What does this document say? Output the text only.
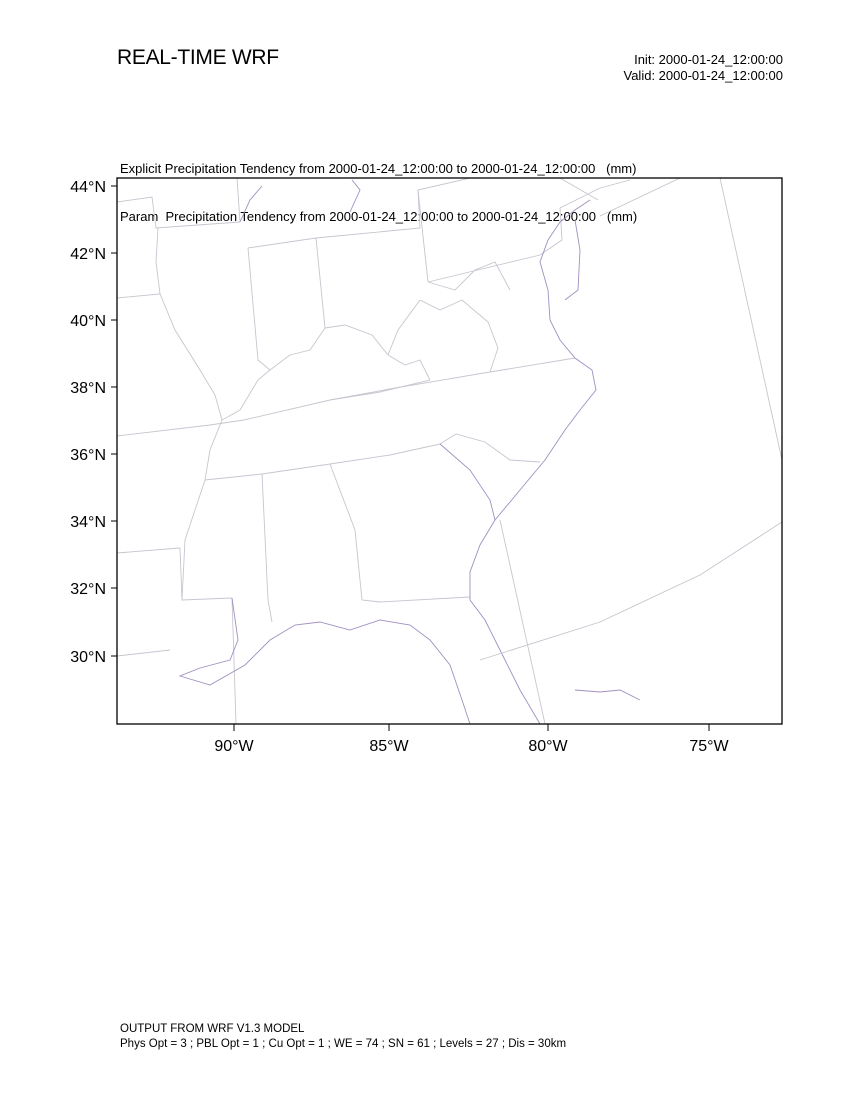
REAL-TIME WRF	Init: 2000-01-24_12:00:00
Valid: 2000-01-24_12:00:00

Explicit Precipitation Tendency from 2000-01-24_12:00:00 to 2000-01-24_12:00:00   (mm)

Param  Precipitation Tendency from 2000-01-24_12:00:00 to 2000-01-24_12:00:00   (mm)

44°N
42°N
40°N
38°N
36°N
34°N
32°N
30°N
90°W	85°W	80°W	75°W
OUTPUT FROM WRF V1.3 MODEL
Phys Opt = 3 ; PBL Opt = 1 ; Cu Opt = 1 ; WE = 74 ; SN = 61 ; Levels = 27 ; Dis = 30km
